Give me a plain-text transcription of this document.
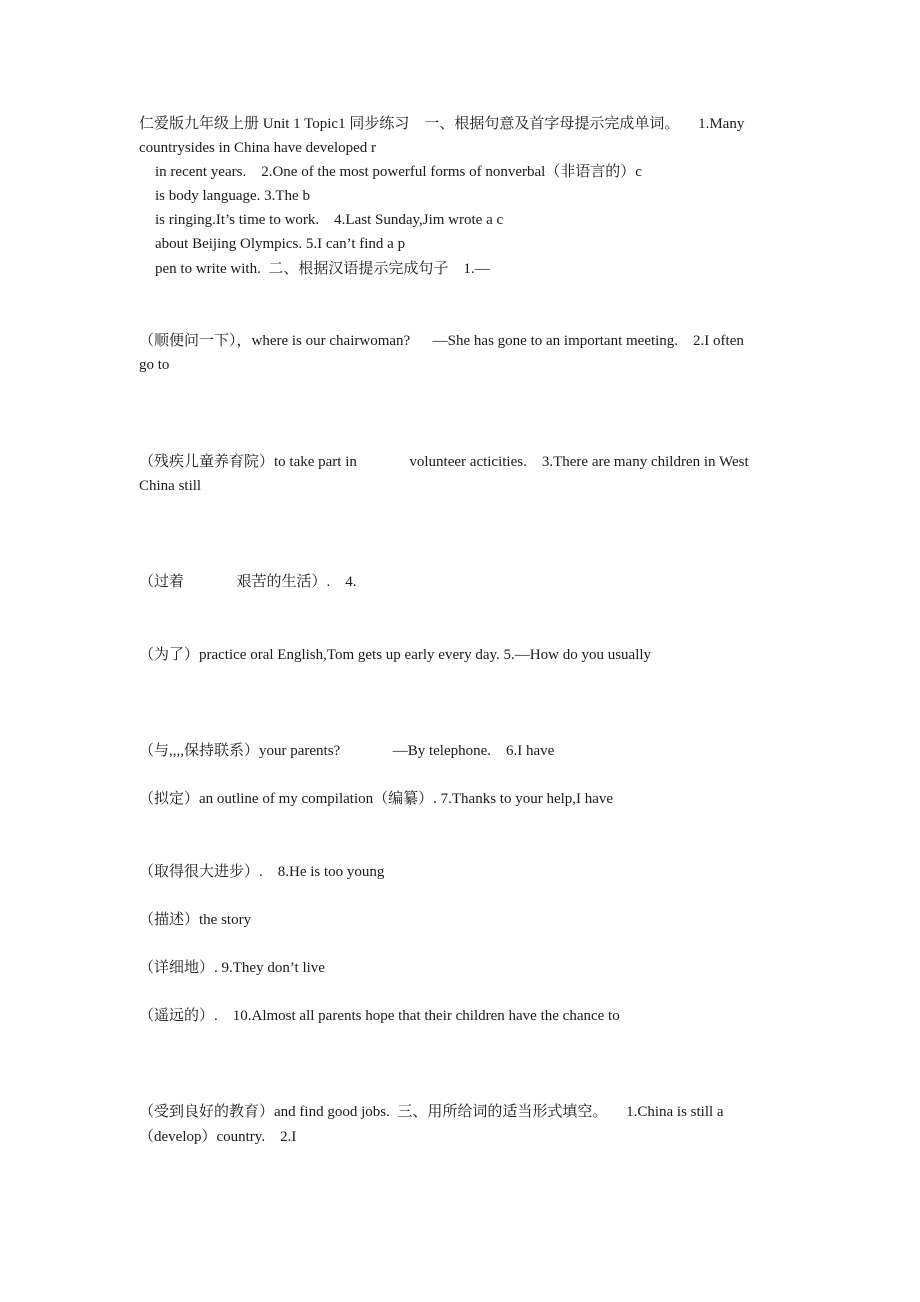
仁爱版九年级上册 Unit 1 Topic1 同步练习    一、根据句意及首字母提示完成单词。     1.Many
countrysides in China have developed r
in recent years.    2.One of the most powerful forms of nonverbal（非语言的）c
is body language. 3.The b
is ringing.It’s time to work.    4.Last Sunday,Jim wrote a c
about Beijing Olympics. 5.I can’t find a p
pen to write with.  二、根据汉语提示完成句子    1.—
（顺便问一下），where is our chairwoman?      —She has gone to an important meeting.    2.I often
go to
（残疾儿童养育院）to take part in              volunteer acticities.    3.There are many children in West
China still
（过着              艰苦的生活）.    4.
（为了）practice oral English,Tom gets up early every day. 5.—How do you usually
（与,,,,保持联系）your parents?              —By telephone.    6.I have
（拟定）an outline of my compilation（编纂）. 7.Thanks to your help,I have
（取得很大进步）.    8.He is too young
（描述）the story
（详细地）. 9.They don’t live
（遥远的）.    10.Almost all parents hope that their children have the chance to
（受到良好的教育）and find good jobs.  三、用所给词的适当形式填空。     1.China is still a
（develop）country.    2.I
